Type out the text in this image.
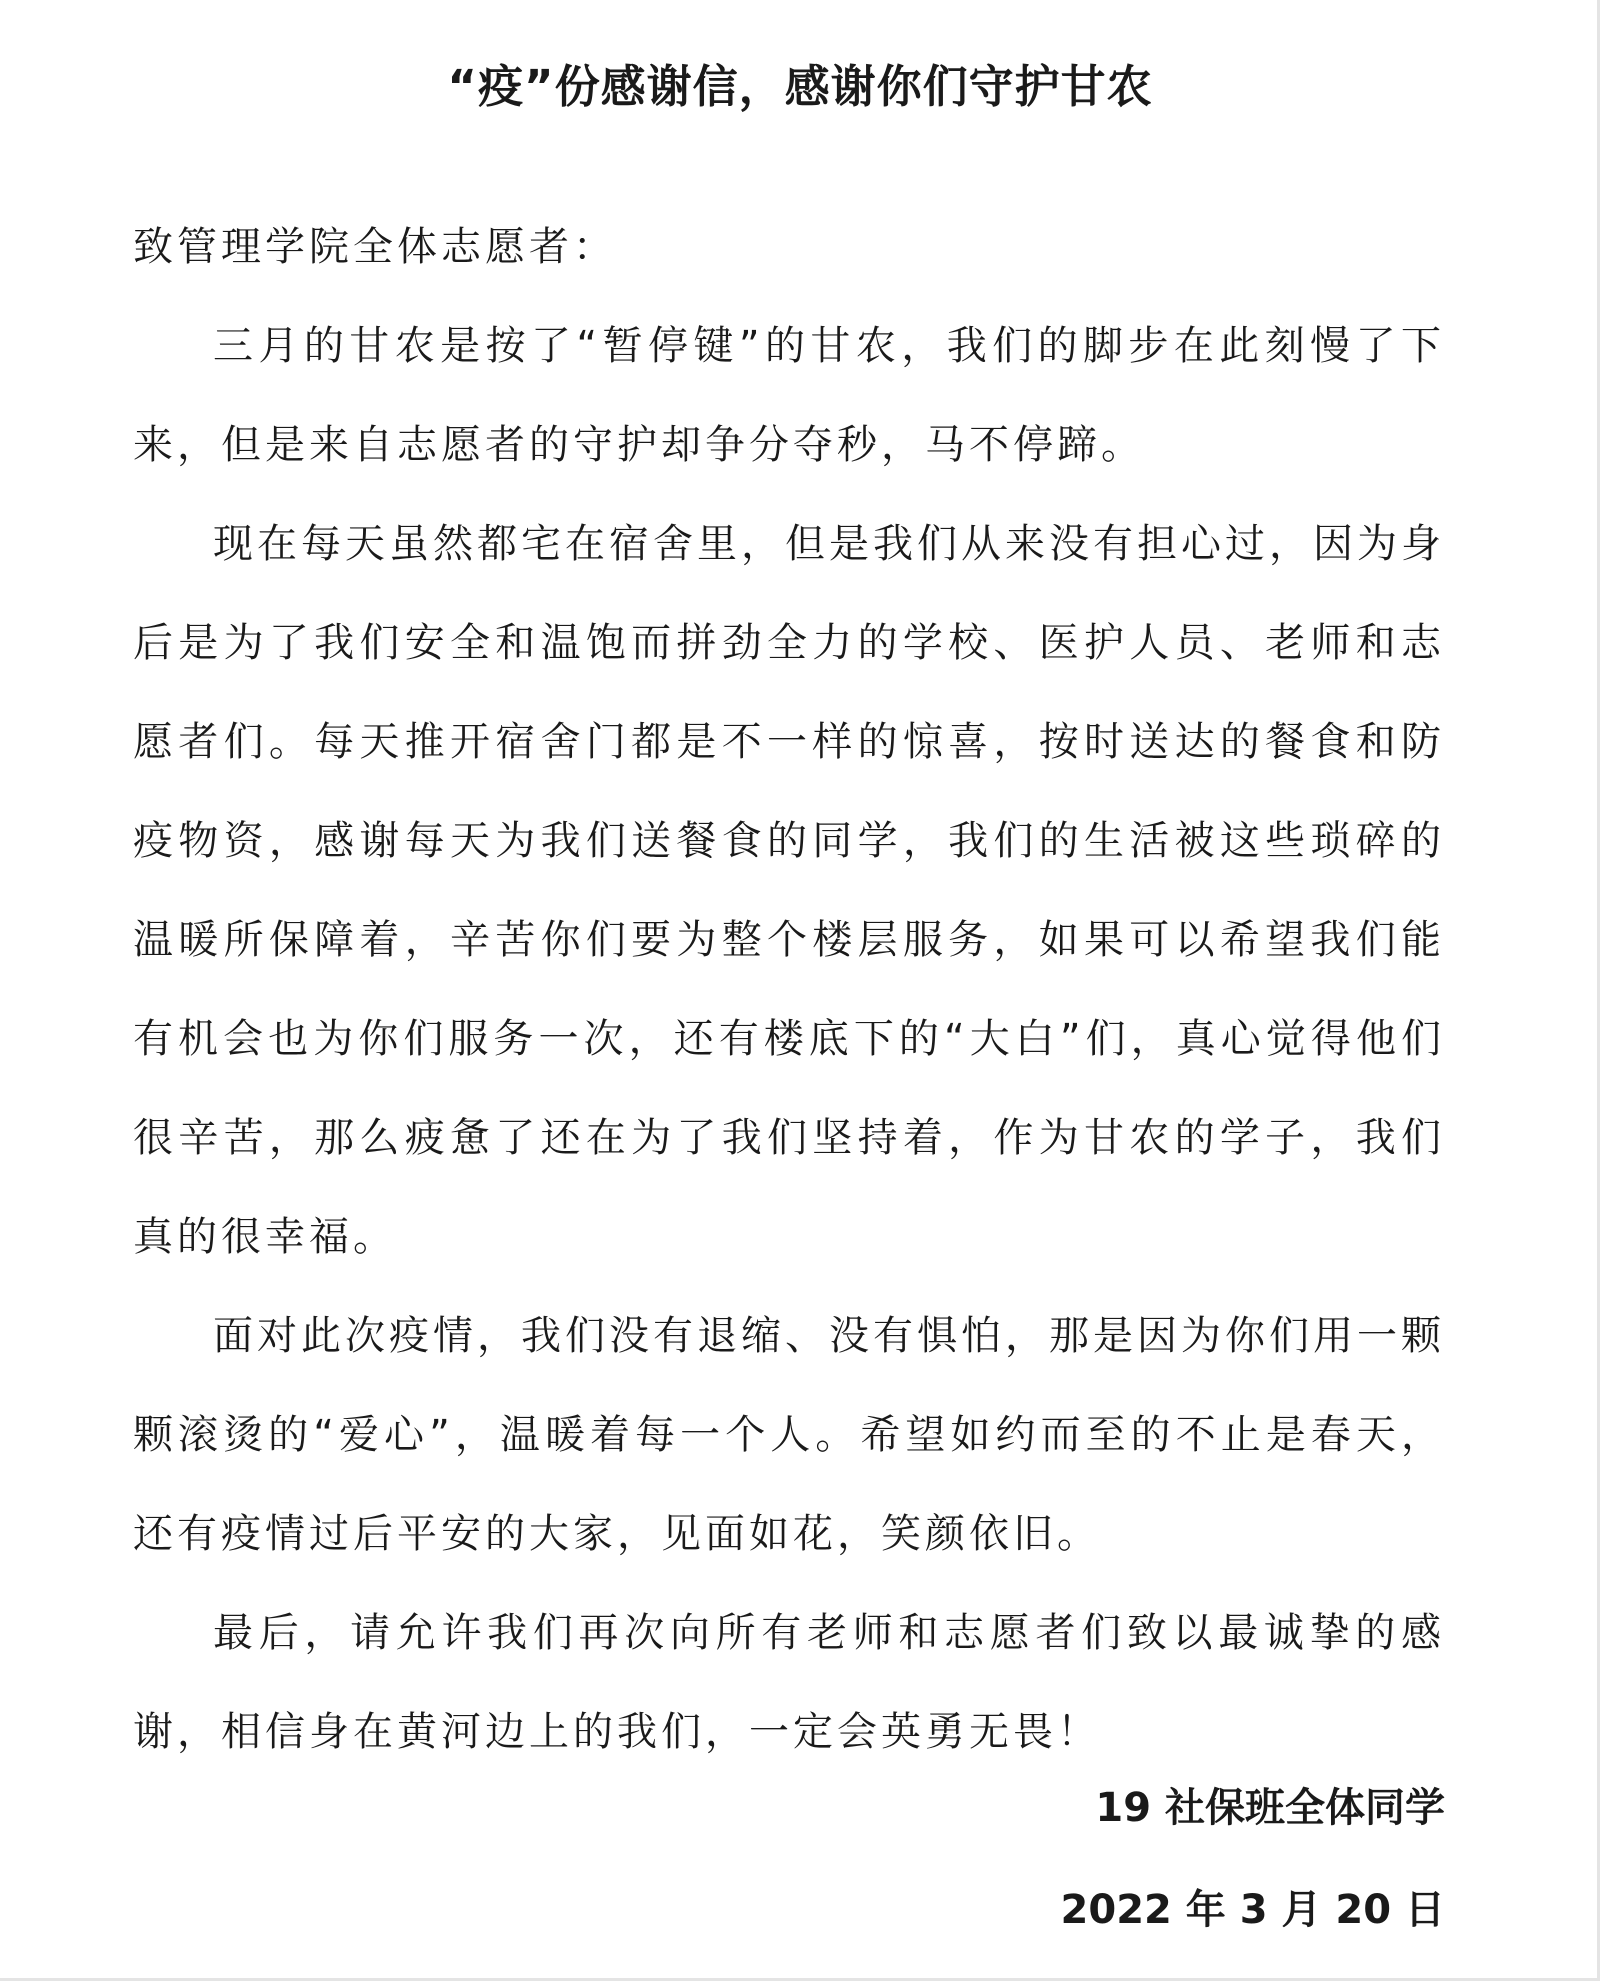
“疫”份感谢信，感谢你们守护甘农

致管理学院全体志愿者：

三月的甘农是按了“暂停键”的甘农，我们的脚步在此刻慢了下来，但是来自志愿者的守护却争分夺秒，马不停蹄。

现在每天虽然都宅在宿舍里，但是我们从来没有担心过，因为身后是为了我们安全和温饱而拼劲全力的学校、医护人员、老师和志愿者们。每天推开宿舍门都是不一样的惊喜，按时送达的餐食和防疫物资，感谢每天为我们送餐食的同学，我们的生活被这些琐碎的温暖所保障着，辛苦你们要为整个楼层服务，如果可以希望我们能有机会也为你们服务一次，还有楼底下的“大白”们，真心觉得他们很辛苦，那么疲惫了还在为了我们坚持着，作为甘农的学子，我们真的很幸福。

面对此次疫情，我们没有退缩、没有惧怕，那是因为你们用一颗颗滚烫的“爱心”，温暖着每一个人。希望如约而至的不止是春天，还有疫情过后平安的大家，见面如花，笑颜依旧。

最后，请允许我们再次向所有老师和志愿者们致以最诚挚的感谢，相信身在黄河边上的我们，一定会英勇无畏！

19 社保班全体同学

2022 年 3 月 20 日
